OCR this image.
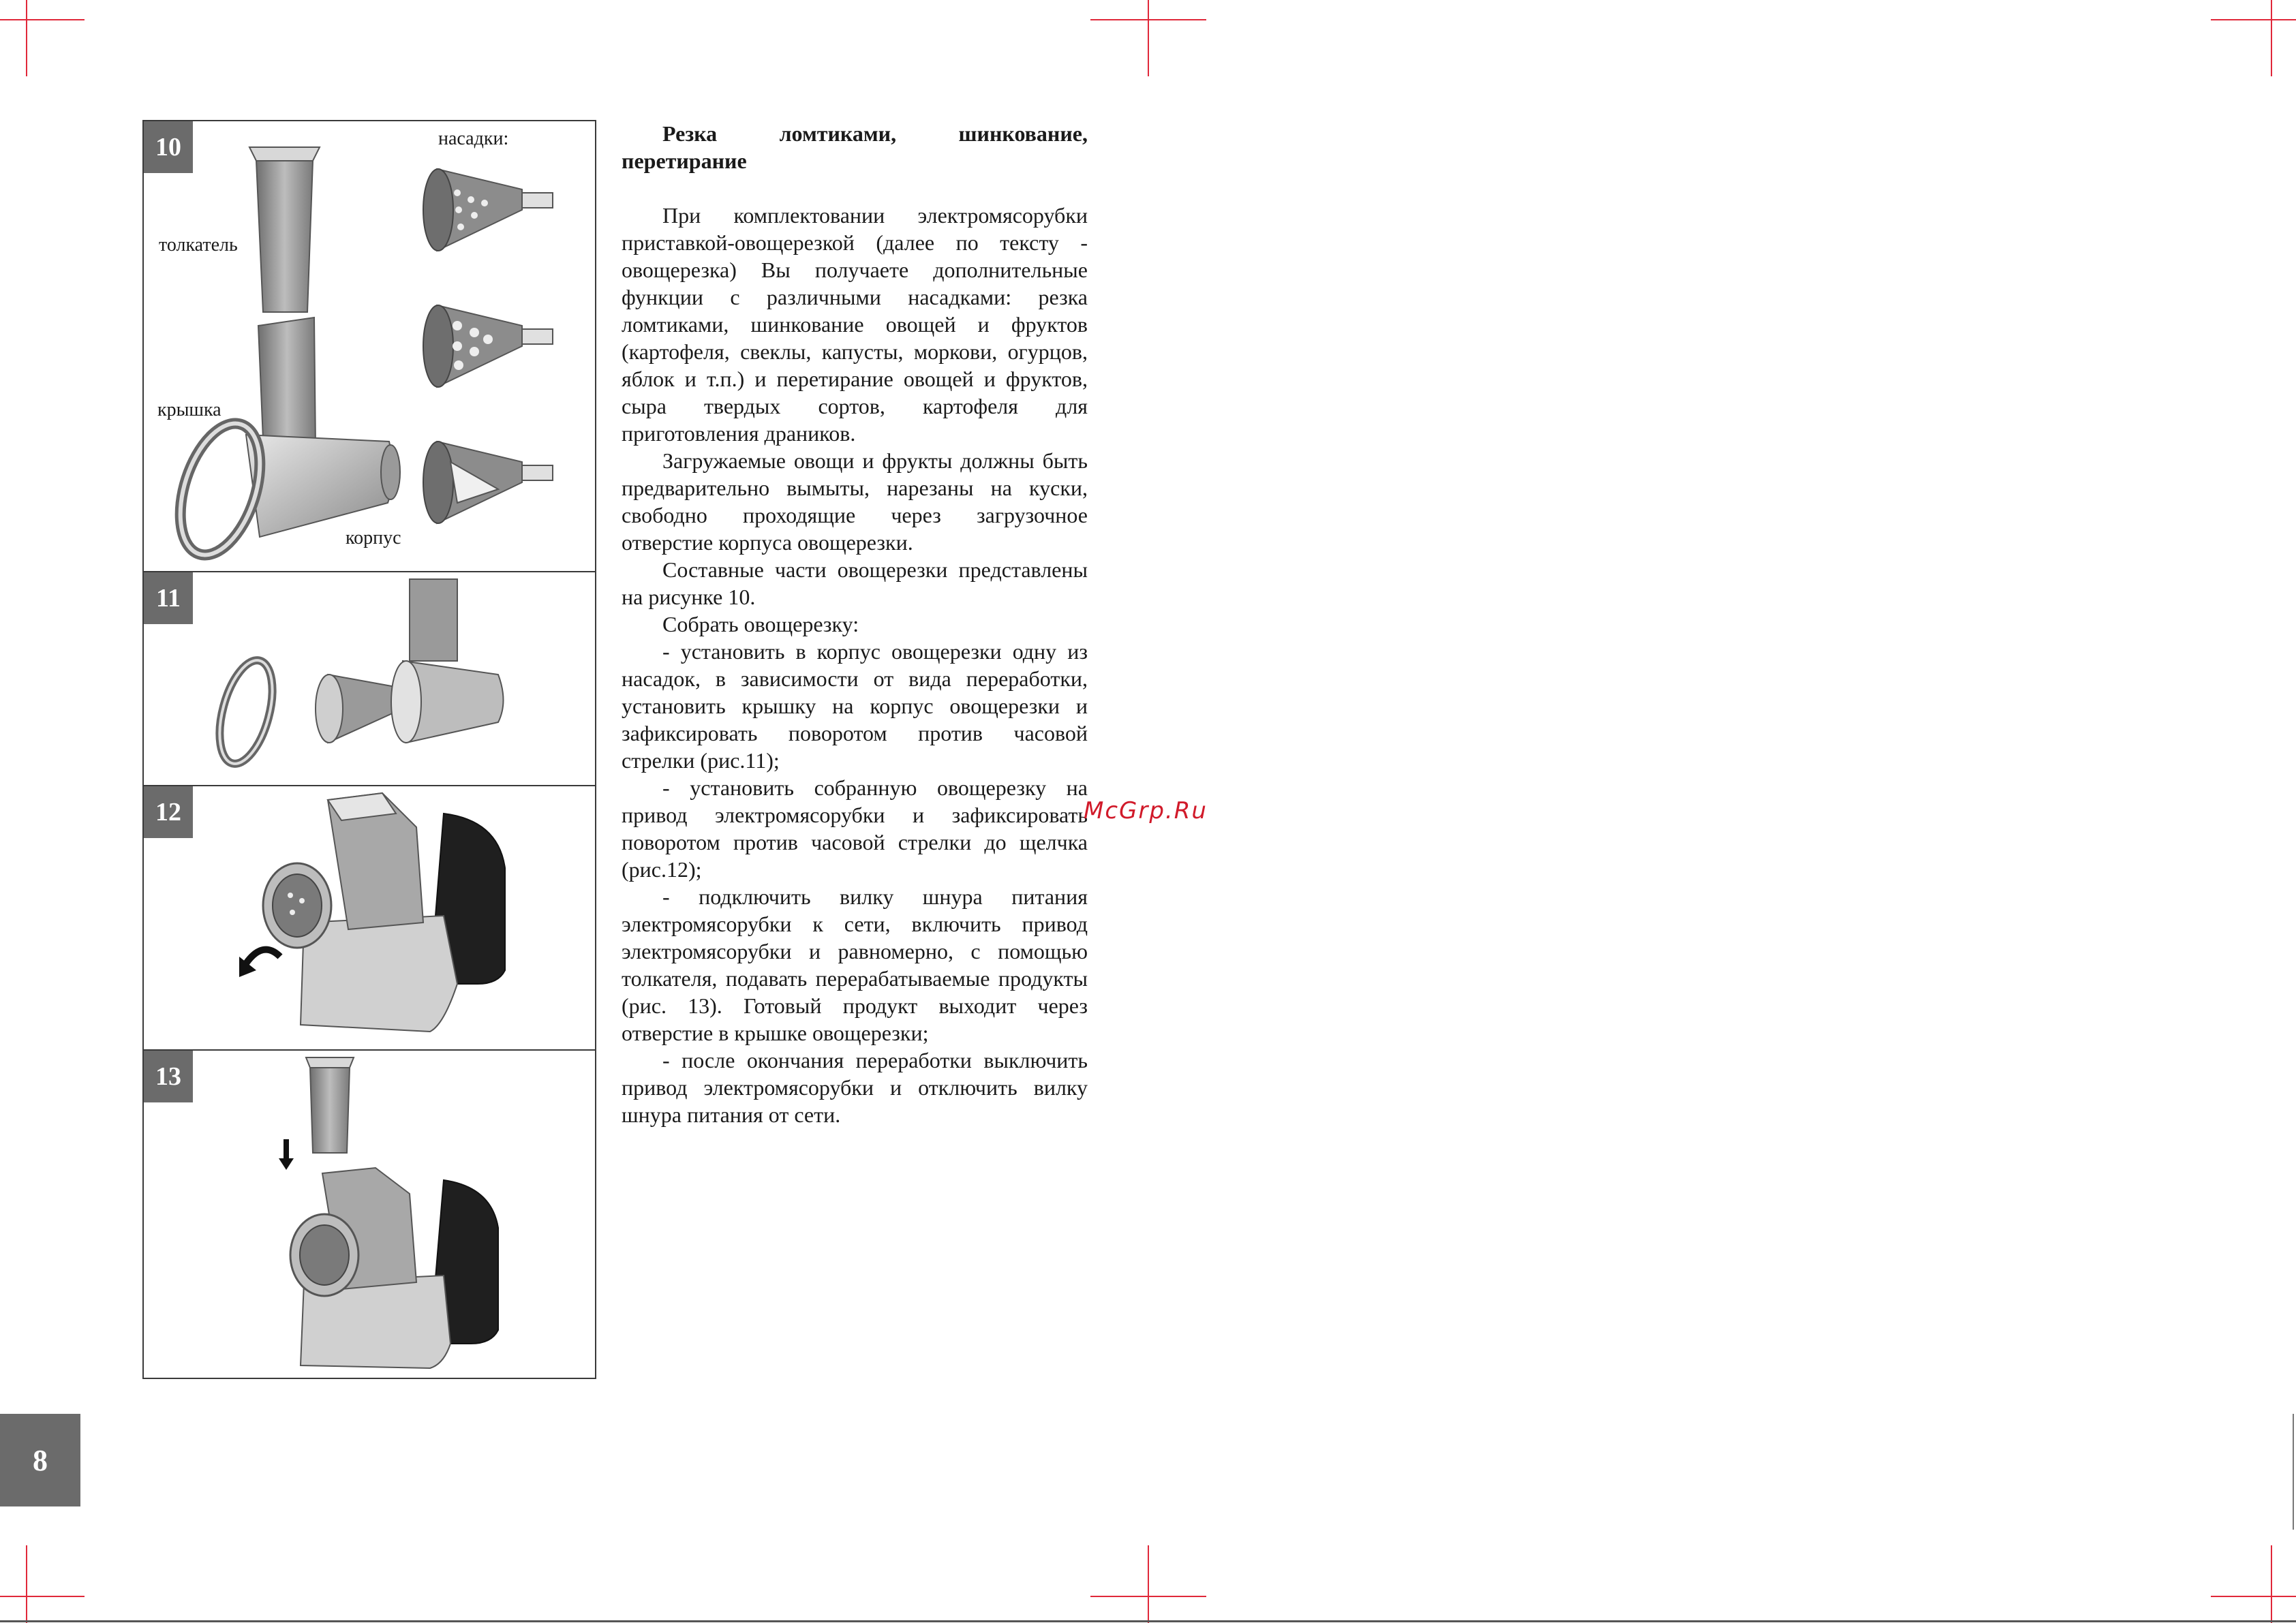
10	насадки:
толкатель
крышка
корпус
11
12
13

Резка ломтиками, шинкование, перетирание

При комплектовании электромясорубки приставкой-овощерезкой (далее по тексту - овощерезка) Вы получаете дополнительные функции с различными насадками: резка ломтиками, шинкование овощей и фруктов (картофеля, свеклы, капусты, моркови, огурцов, яблок и т.п.) и перетирание овощей и фруктов, сыра твердых сортов, картофеля для приготовления драников.

Загружаемые овощи и фрукты должны быть предварительно вымыты, нарезаны на куски, свободно проходящие через загрузочное отверстие корпуса овощерезки.

Составные части овощерезки представлены на рисунке 10.

Собрать овощерезку:

- установить в корпус овощерезки одну из насадок, в зависимости от вида переработки, установить крышку на корпус овощерезки и зафиксировать поворотом против часовой стрелки (рис.11);

- установить собранную овощерезку на привод электромясорубки и зафиксировать поворотом против часовой стрелки до щелчка (рис.12);

- подключить вилку шнура питания электромясорубки к сети, включить привод электромясорубки и равномерно, с помощью толкателя, подавать перерабатываемые продукты (рис. 13). Готовый продукт выходит через отверстие в крышке овощерезки;

- после окончания переработки выключить привод электромясорубки и отключить вилку шнура питания от сети.

McGrp.Ru
8
